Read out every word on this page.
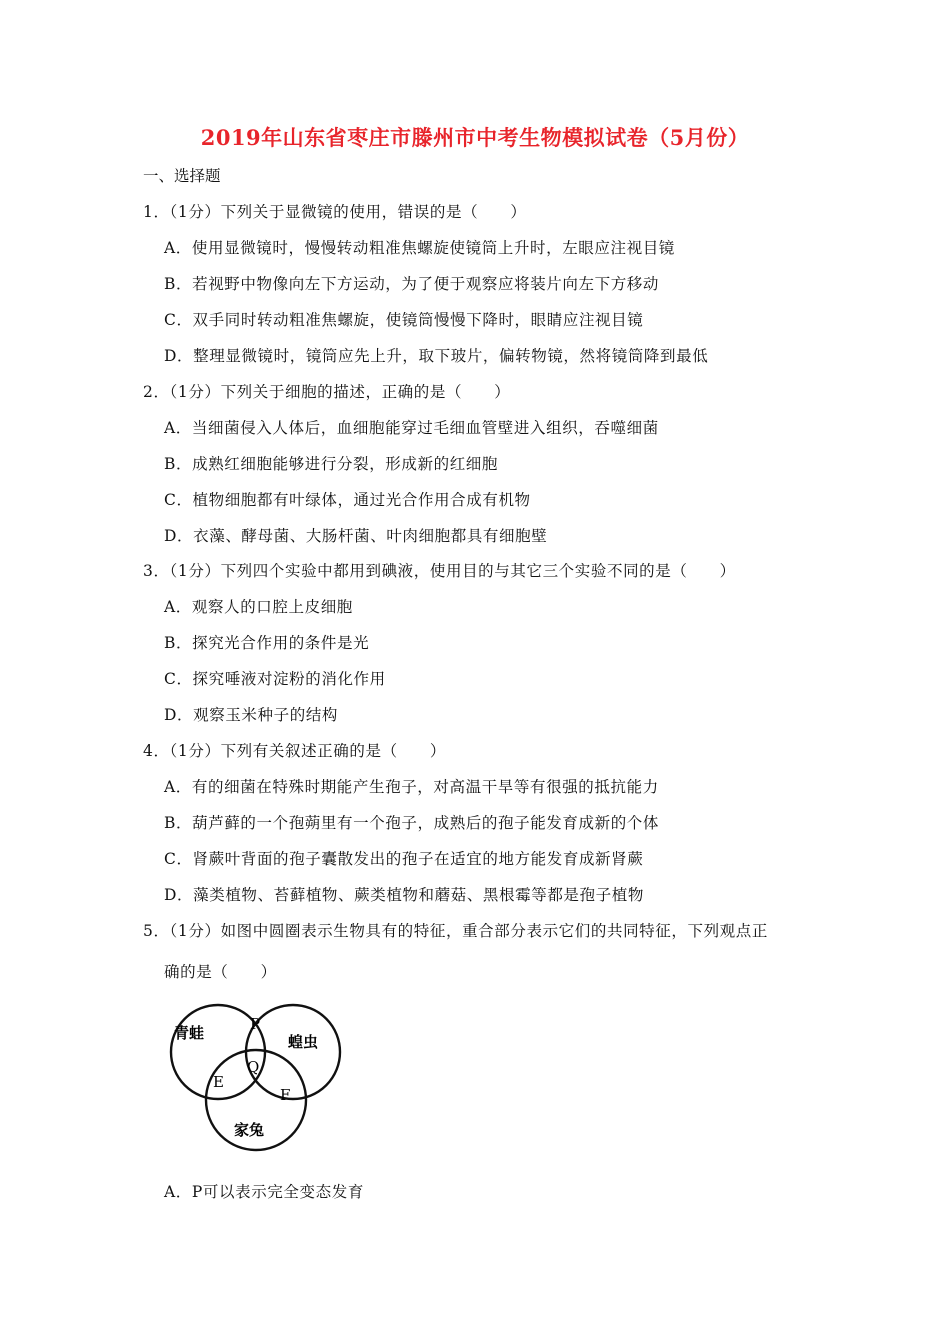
2019年山东省枣庄市滕州市中考生物模拟试卷（5月份）
一、选择题
1．（1分）下列关于显微镜的使用，错误的是（　　）
A．使用显微镜时，慢慢转动粗准焦螺旋使镜筒上升时，左眼应注视目镜
B．若视野中物像向左下方运动，为了便于观察应将装片向左下方移动
C．双手同时转动粗准焦螺旋，使镜筒慢慢下降时，眼睛应注视目镜
D．整理显微镜时，镜筒应先上升，取下玻片，偏转物镜，然将镜筒降到最低
2．（1分）下列关于细胞的描述，正确的是（　　）
A．当细菌侵入人体后，血细胞能穿过毛细血管壁进入组织，吞噬细菌
B．成熟红细胞能够进行分裂，形成新的红细胞
C．植物细胞都有叶绿体，通过光合作用合成有机物
D．衣藻、酵母菌、大肠杆菌、叶肉细胞都具有细胞壁
3．（1分）下列四个实验中都用到碘液，使用目的与其它三个实验不同的是（　　）
A．观察人的口腔上皮细胞
B．探究光合作用的条件是光
C．探究唾液对淀粉的消化作用
D．观察玉米种子的结构
4．（1分）下列有关叙述正确的是（　　）
A．有的细菌在特殊时期能产生孢子，对高温干旱等有很强的抵抗能力
B．葫芦藓的一个孢蒴里有一个孢子，成熟后的孢子能发育成新的个体
C．肾蕨叶背面的孢子囊散发出的孢子在适宜的地方能发育成新肾蕨
D．藻类植物、苔藓植物、蕨类植物和蘑菇、黑根霉等都是孢子植物
5．（1分）如图中圆圈表示生物具有的特征，重合部分表示它们的共同特征，下列观点正
确的是（　　）
青蛙	蝗虫
家兔
P
Q
E
F
A．P可以表示完全变态发育
